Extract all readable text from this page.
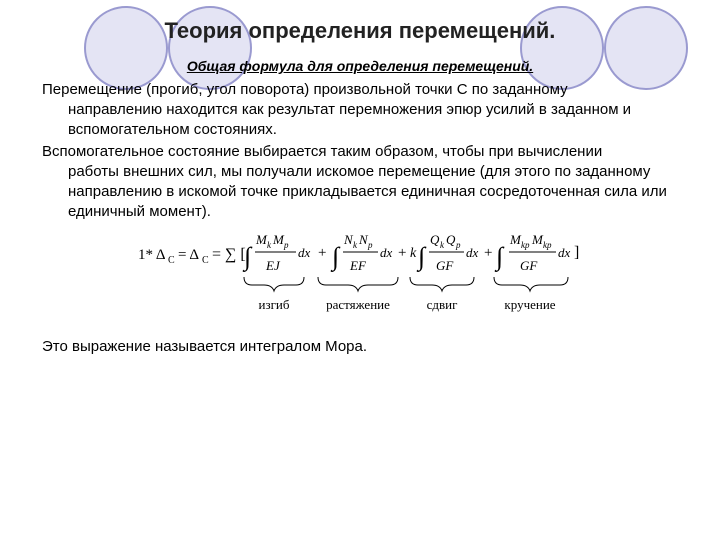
Теория определения перемещений.
Общая формула для определения перемещений.
Перемещение (прогиб, угол поворота) произвольной точки С по заданному
направлению находится как результат перемножения эпюр усилий в заданном и вспомогательном состояниях.
Вспомогательное состояние выбирается таким образом, чтобы при вычислении
работы внешних сил, мы получали искомое перемещение (для этого по заданному направлению в искомой точке прикладывается единичная сосредоточенная сила или единичный момент).
1* Δ C = Δ C = ∑ [
∫
M k M p
EJ
dx + ∫
N k N p
EF
dx + k ∫
Q k Q p
GF
dx + ∫
M kp M kp
GF
dx ]
изгиб	растяжение	сдвиг	кручение
Это выражение называется интегралом Мора.
